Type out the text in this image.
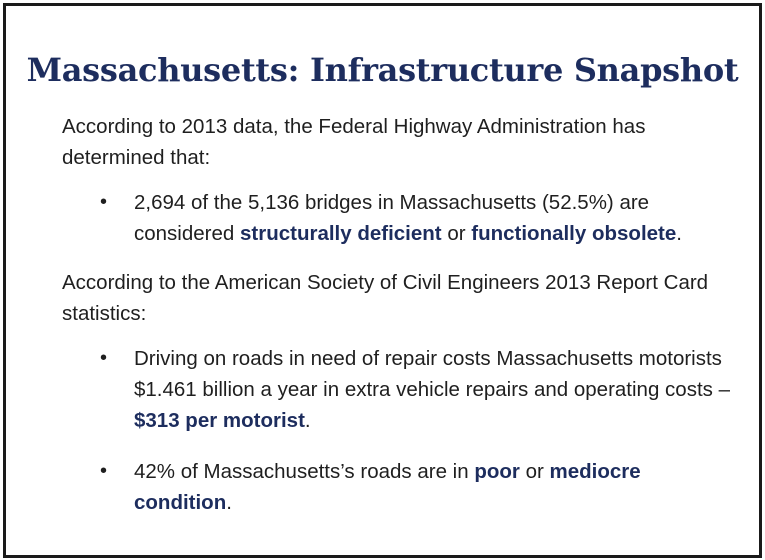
Massachusetts: Infrastructure Snapshot

According to 2013 data, the Federal Highway Administration has determined that:

• 2,694 of the 5,136 bridges in Massachusetts (52.5%) are considered structurally deficient or functionally obsolete.

According to the American Society of Civil Engineers 2013 Report Card statistics:

• Driving on roads in need of repair costs Massachusetts motorists $1.461 billion a year in extra vehicle repairs and operating costs – $313 per motorist.
• 42% of Massachusetts’s roads are in poor or mediocre condition.
